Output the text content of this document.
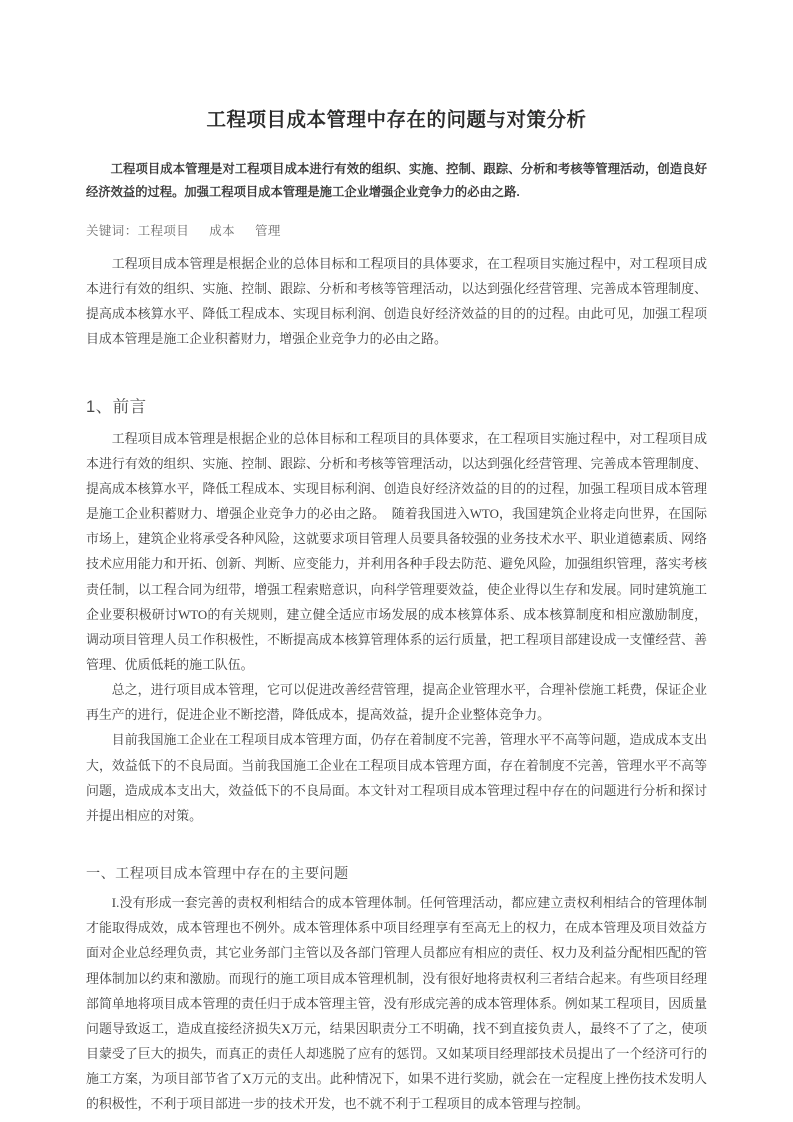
工程项目成本管理中存在的问题与对策分析

工程项目成本管理是对工程项目成本进行有效的组织、实施、控制、跟踪、分析和考核等管理活动，创造良好经济效益的过程。加强工程项目成本管理是施工企业增强企业竞争力的必由之路.

关键词：工程项目 成本 管理

工程项目成本管理是根据企业的总体目标和工程项目的具体要求，在工程项目实施过程中，对工程项目成本进行有效的组织、实施、控制、跟踪、分析和考核等管理活动，以达到强化经营管理、完善成本管理制度、提高成本核算水平、降低工程成本、实现目标利润、创造良好经济效益的目的的过程。由此可见，加强工程项目成本管理是施工企业积蓄财力，增强企业竞争力的必由之路。

1、前言

工程项目成本管理是根据企业的总体目标和工程项目的具体要求，在工程项目实施过程中，对工程项目成本进行有效的组织、实施、控制、跟踪、分析和考核等管理活动，以达到强化经营管理、完善成本管理制度、提高成本核算水平，降低工程成本、实现目标利润、创造良好经济效益的目的的过程，加强工程项目成本管理是施工企业积蓄财力、增强企业竞争力的必由之路。　随着我国进入WTO，我国建筑企业将走向世界，在国际市场上，建筑企业将承受各种风险，这就要求项目管理人员要具备较强的业务技术水平、职业道德素质、网络技术应用能力和开拓、创新、判断、应变能力，并利用各种手段去防范、避免风险，加强组织管理，落实考核责任制，以工程合同为纽带，增强工程索赔意识，向科学管理要效益，使企业得以生存和发展。同时建筑施工企业要积极研讨WTO的有关规则，建立健全适应市场发展的成本核算体系、成本核算制度和相应激励制度，调动项目管理人员工作积极性，不断提高成本核算管理体系的运行质量，把工程项目部建设成一支懂经营、善管理、优质低耗的施工队伍。

总之，进行项目成本管理，它可以促进改善经营管理，提高企业管理水平，合理补偿施工耗费，保证企业再生产的进行，促进企业不断挖潜，降低成本，提高效益，提升企业整体竞争力。

目前我国施工企业在工程项目成本管理方面，仍存在着制度不完善，管理水平不高等问题，造成成本支出大，效益低下的不良局面。当前我国施工企业在工程项目成本管理方面，存在着制度不完善，管理水平不高等问题，造成成本支出大，效益低下的不良局面。本文针对工程项目成本管理过程中存在的问题进行分析和探讨并提出相应的对策。

一、工程项目成本管理中存在的主要问题

I.没有形成一套完善的责权利相结合的成本管理体制。任何管理活动，都应建立责权利相结合的管理体制才能取得成效，成本管理也不例外。成本管理体系中项目经理享有至高无上的权力，在成本管理及项目效益方面对企业总经理负责，其它业务部门主管以及各部门管理人员都应有相应的责任、权力及利益分配相匹配的管理体制加以约束和激励。而现行的施工项目成本管理机制，没有很好地将责权利三者结合起来。有些项目经理部简单地将项目成本管理的责任归于成本管理主管，没有形成完善的成本管理体系。例如某工程项目，因质量问题导致返工，造成直接经济损失X万元，结果因职责分工不明确，找不到直接负责人，最终不了了之，使项目蒙受了巨大的损失，而真正的责任人却逃脱了应有的惩罚。又如某项目经理部技术员提出了一个经济可行的施工方案，为项目部节省了X万元的支出。此种情况下，如果不进行奖励，就会在一定程度上挫伤技术发明人的积极性，不利于项目部进一步的技术开发，也不就不利于工程项目的成本管理与控制。
